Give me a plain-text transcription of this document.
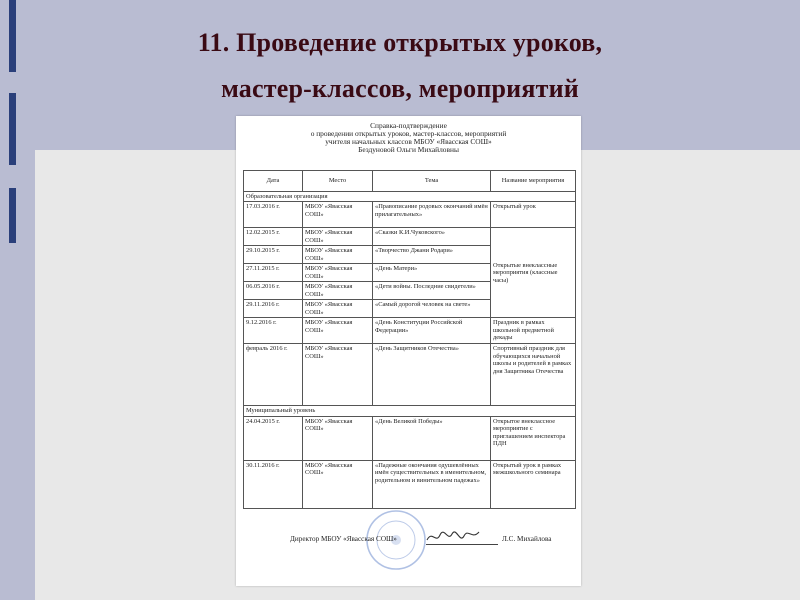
11. Проведение открытых уроков,
мастер-классов, мероприятий
Справка-подтверждение
о проведении открытых уроков, мастер-классов, мероприятий
учителя начальных классов МБОУ «Явасская СОШ»
Бездуновой Ольги Михайловны
Дата	Место	Тема	Название мероприятия
Образовательная организация			
17.03.2016 г.	МБОУ «Явасская СОШ»	«Правописание родовых окончаний имён прилагательных»	Открытый урок
12.02.2015 г.	МБОУ «Явасская СОШ»	«Сказки К.И.Чуковского»	Открытые внеклассные мероприятия (классные часы)
29.10.2015 г.	МБОУ «Явасская СОШ»	«Творчество Джани Родари»	
27.11.2015 г.	МБОУ «Явасская СОШ»	«День Матери»	
06.05.2016 г.	МБОУ «Явасская СОШ»	«Дети войны. Последние свидетели»	
29.11.2016 г.	МБОУ «Явасская СОШ»	«Самый дорогой человек на свете»	
9.12.2016 г.	МБОУ «Явасская СОШ»	«День Конституции Российской Федерации»	Праздник в рамках школьной предметной декады
февраль 2016 г.	МБОУ «Явасская СОШ»	«День Защитников Отечества»	Спортивный праздник для обучающихся начальной школы и родителей в рамках дня Защитника Отечества
Муниципальный уровень			
24.04.2015 г.	МБОУ «Явасская СОШ»	«День Великой Победы»	Открытое внеклассное мероприятие с приглашением инспектора ПДН
30.11.2016 г.	МБОУ «Явасская СОШ»	«Падежные окончания одушевлённых имён существительных в именительном, родительном и винительном падежах»	Открытый урок в рамках межшкольного семинара
Директор МБОУ «Явасская СОШ»	Л.С. Михайлова
